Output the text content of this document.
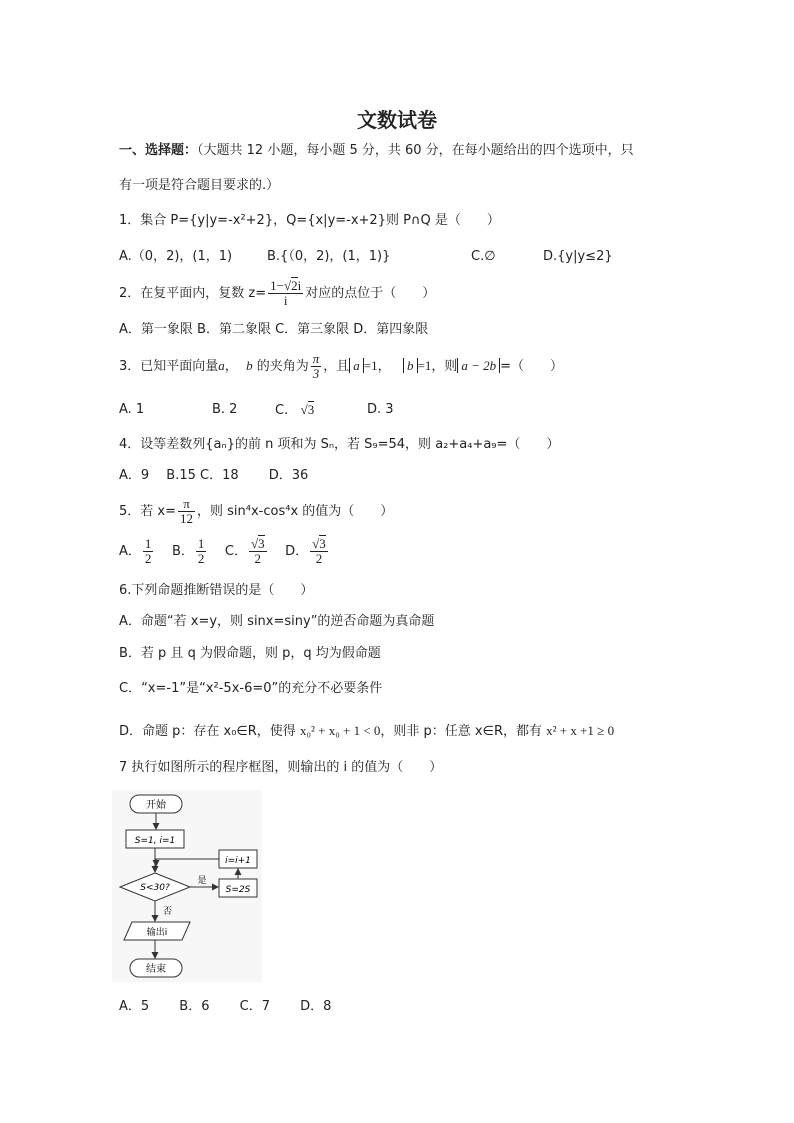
文数试卷
一、选择题：（大题共 12 小题，每小题 5 分，共 60 分，在每小题给出的四个选项中，只
有一项是符合题目要求的.）
1．集合 P={y|y=-x²+2}，Q={x|y=-x+2}则 P∩Q 是（　　）
A.（0，2)，(1，1)	B.{（0，2)，(1，1)}	C.∅	D.{y|y≤2}
2．在复平面内，复数 $z= \frac{1-√2i}{i}$ 对应的点位于（　　）
A．第一象限 B．第二象限 C．第三象限 D．第四象限
3．已知平面向量a， b 的夹角为 $\frac{\pi}{3}$ ，且 a =1， b =1，则 a − 2b =（　　）
A. 1	B. 2	C. √3	D. 3
4．设等差数列{aₙ}的前 n 项和为 Sₙ，若 S₉=54，则 a₂+a₄+a₉=（　　）
A．9　 B.15 C．18　　 D．36
5．若 $x= \frac{\pi}{12}$ ，则 sin⁴x-cos⁴x 的值为（　　）
A． $\frac{1}{2}$ B． $\frac{1}{2}$ C． $\frac{√3}{2}$ D． $\frac{√3}{2}$
6.下列命题推断错误的是（　　）
A．命题“若 x=y，则 sinx=siny”的逆否命题为真命题
B．若 p 且 q 为假命题，则 p，q 均为假命题
C．“x=-1”是“x²-5x-6=0”的充分不必要条件
D．命题 p：存在 x₀∈R，使得 x₀² + x₀ + 1 < 0，则非 p：任意 x∈R，都有 x² + x +1 ≥ 0
7 执行如图所示的程序框图，则输出的 i 的值为（　　）
开始
S=1, i=1
S<30?
是
S=2S
i=i+1
否
输出i
结束
A．5　　 B．6　　 C．7　　 D．8
